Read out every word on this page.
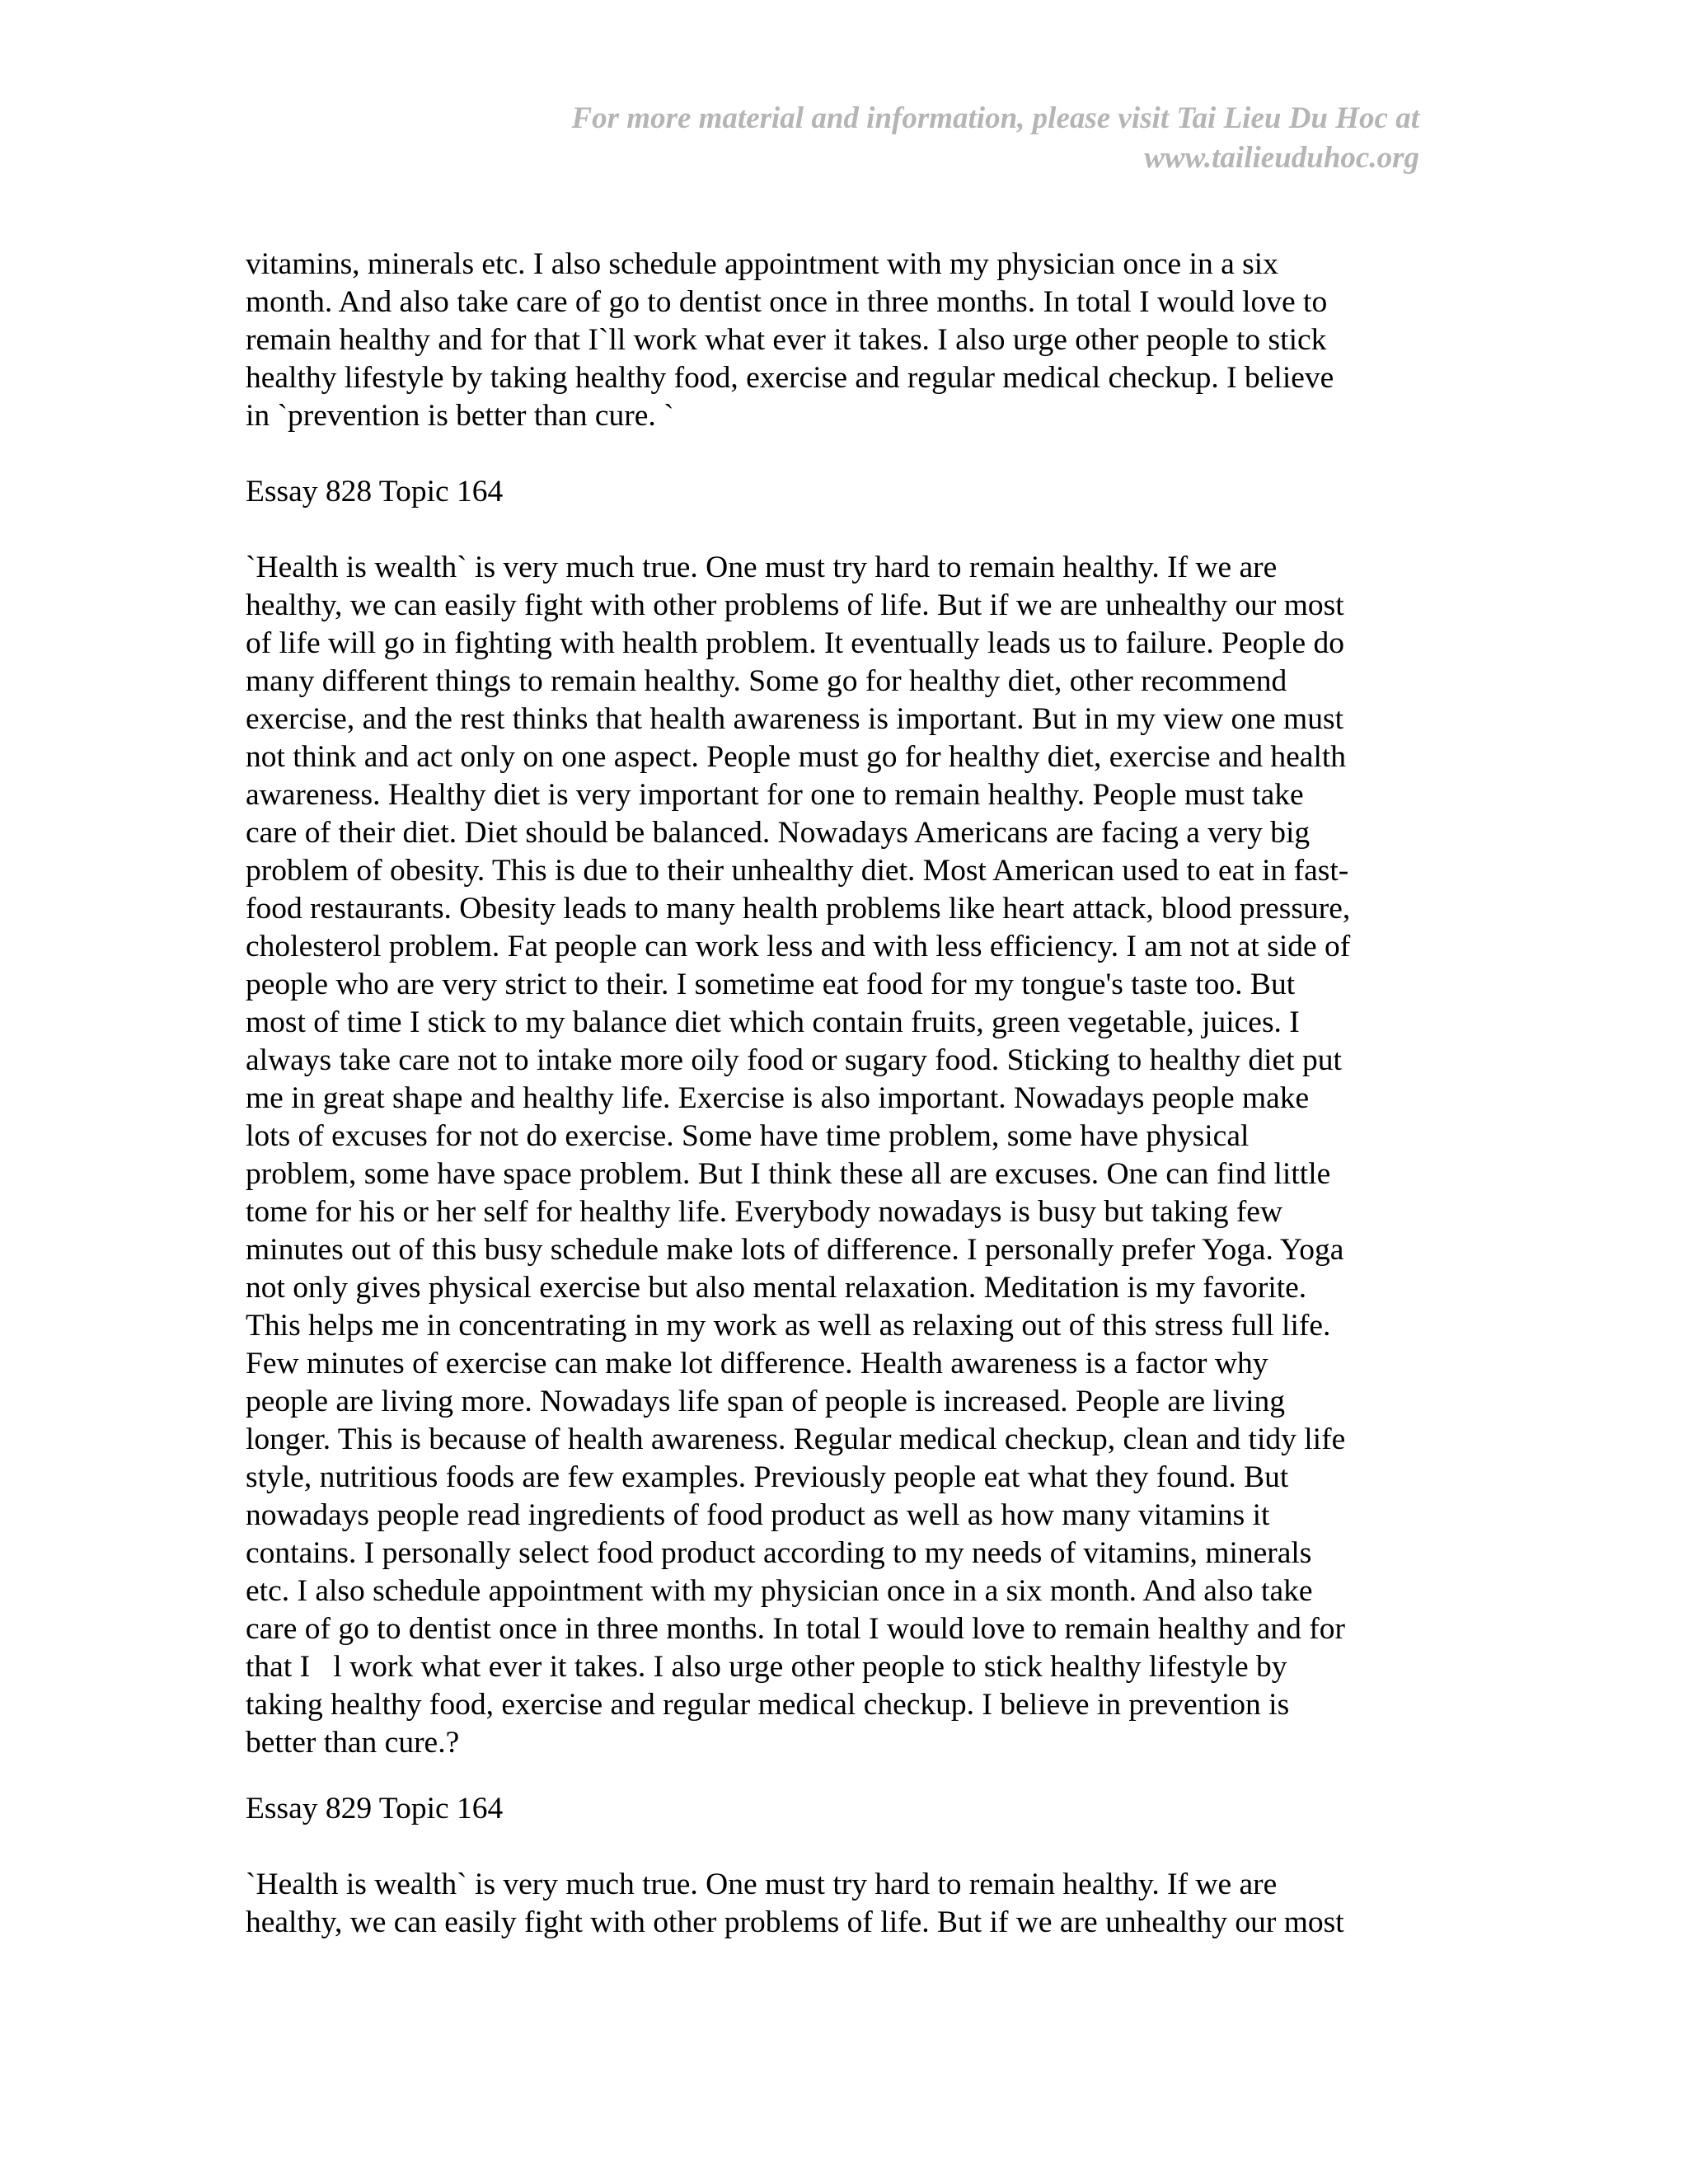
For more material and information, please visit Tai Lieu Du Hoc at
www.tailieuduhoc.org
vitamins, minerals etc. I also schedule appointment with my physician once in a six
month. And also take care of go to dentist once in three months. In total I would love to
remain healthy and for that I`ll work what ever it takes. I also urge other people to stick
healthy lifestyle by taking healthy food, exercise and regular medical checkup. I believe
in `prevention is better than cure. `
Essay 828 Topic 164
`Health is wealth` is very much true. One must try hard to remain healthy. If we are
healthy, we can easily fight with other problems of life. But if we are unhealthy our most
of life will go in fighting with health problem. It eventually leads us to failure. People do
many different things to remain healthy. Some go for healthy diet, other recommend
exercise, and the rest thinks that health awareness is important. But in my view one must
not think and act only on one aspect. People must go for healthy diet, exercise and health
awareness. Healthy diet is very important for one to remain healthy. People must take
care of their diet. Diet should be balanced. Nowadays Americans are facing a very big
problem of obesity. This is due to their unhealthy diet. Most American used to eat in fast-
food restaurants. Obesity leads to many health problems like heart attack, blood pressure,
cholesterol problem. Fat people can work less and with less efficiency. I am not at side of
people who are very strict to their. I sometime eat food for my tongue's taste too. But
most of time I stick to my balance diet which contain fruits, green vegetable, juices. I
always take care not to intake more oily food or sugary food. Sticking to healthy diet put
me in great shape and healthy life. Exercise is also important. Nowadays people make
lots of excuses for not do exercise. Some have time problem, some have physical
problem, some have space problem. But I think these all are excuses. One can find little
tome for his or her self for healthy life. Everybody nowadays is busy but taking few
minutes out of this busy schedule make lots of difference. I personally prefer Yoga. Yoga
not only gives physical exercise but also mental relaxation. Meditation is my favorite.
This helps me in concentrating in my work as well as relaxing out of this stress full life.
Few minutes of exercise can make lot difference. Health awareness is a factor why
people are living more. Nowadays life span of people is increased. People are living
longer. This is because of health awareness. Regular medical checkup, clean and tidy life
style, nutritious foods are few examples. Previously people eat what they found. But
nowadays people read ingredients of food product as well as how many vitamins it
contains. I personally select food product according to my needs of vitamins, minerals
etc. I also schedule appointment with my physician once in a six month. And also take
care of go to dentist once in three months. In total I would love to remain healthy and for
that I   l work what ever it takes. I also urge other people to stick healthy lifestyle by
taking healthy food, exercise and regular medical checkup. I believe in prevention is
better than cure.?
Essay 829 Topic 164
`Health is wealth` is very much true. One must try hard to remain healthy. If we are
healthy, we can easily fight with other problems of life. But if we are unhealthy our most
